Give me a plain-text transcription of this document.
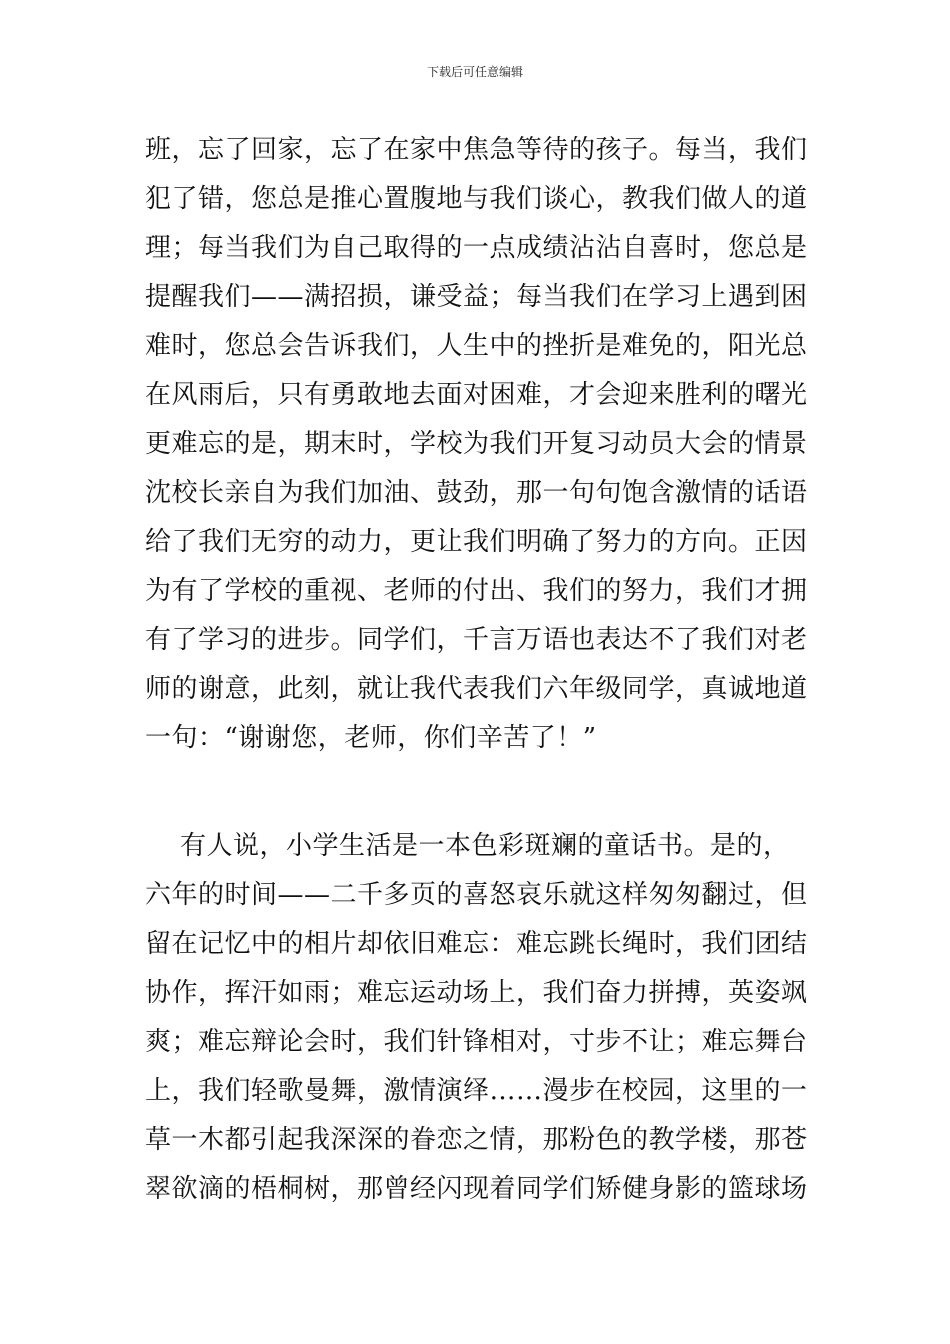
下载后可任意编辑
班，忘了回家，忘了在家中焦急等待的孩子。每当，我们
犯了错，您总是推心置腹地与我们谈心，教我们做人的道
理；每当我们为自己取得的一点成绩沾沾自喜时，您总是
提醒我们——满招损，谦受益；每当我们在学习上遇到困
难时，您总会告诉我们，人生中的挫折是难免的，阳光总
在风雨后，只有勇敢地去面对困难，才会迎来胜利的曙光
更难忘的是，期末时，学校为我们开复习动员大会的情景
沈校长亲自为我们加油、鼓劲，那一句句饱含激情的话语
给了我们无穷的动力，更让我们明确了努力的方向。正因
为有了学校的重视、老师的付出、我们的努力，我们才拥
有了学习的进步。同学们，千言万语也表达不了我们对老
师的谢意，此刻，就让我代表我们六年级同学，真诚地道
一句：“谢谢您，老师，你们辛苦了！”
有人说，小学生活是一本色彩斑斓的童话书。是的，
六年的时间——二千多页的喜怒哀乐就这样匆匆翻过，但
留在记忆中的相片却依旧难忘：难忘跳长绳时，我们团结
协作，挥汗如雨；难忘运动场上，我们奋力拼搏，英姿飒
爽；难忘辩论会时，我们针锋相对，寸步不让；难忘舞台
上，我们轻歌曼舞，激情演绎……漫步在校园，这里的一
草一木都引起我深深的眷恋之情，那粉色的教学楼，那苍
翠欲滴的梧桐树，那曾经闪现着同学们矫健身影的篮球场
